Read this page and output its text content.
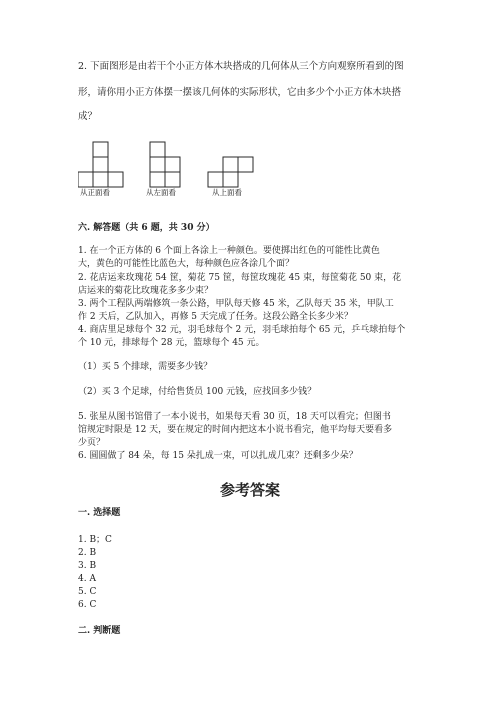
2. 下面图形是由若干个小正方体木块搭成的几何体从三个方向观察所看到的图
形，请你用小正方体摆一摆该几何体的实际形状，它由多少个小正方体木块搭
成？
从正面看	从左面看	从上面看
六. 解答题（共 6 题，共 30 分）
1. 在一个正方体的 6 个面上各涂上一种颜色。要使掷出红色的可能性比黄色
大，黄色的可能性比蓝色大，每种颜色应各涂几个面？
2. 花店运来玫瑰花 54 筐，菊花 75 筐，每筐玫瑰花 45 束，每筐菊花 50 束，花
店运来的菊花比玫瑰花多多少束？
3. 两个工程队两端修筑一条公路，甲队每天修 45 米，乙队每天 35 米，甲队工
作 2 天后，乙队加入，再修 5 天完成了任务。这段公路全长多少米？
4. 商店里足球每个 32 元，羽毛球每个 2 元，羽毛球拍每个 65 元，乒乓球拍每个
个 10 元，排球每个 28 元，篮球每个 45 元。
（1）买 5 个排球，需要多少钱？
（2）买 3 个足球，付给售货员 100 元钱，应找回多少钱？
5. 张星从图书馆借了一本小说书，如果每天看 30 页，18 天可以看完；但图书
馆规定时限是 12 天，要在规定的时间内把这本小说书看完，他平均每天要看多
少页？
6. 圆圆做了 84 朵，每 15 朵扎成一束，可以扎成几束？还剩多少朵？
参考答案
一. 选择题
1. B；C
2. B
3. B
4. A
5. C
6. C
二. 判断题
